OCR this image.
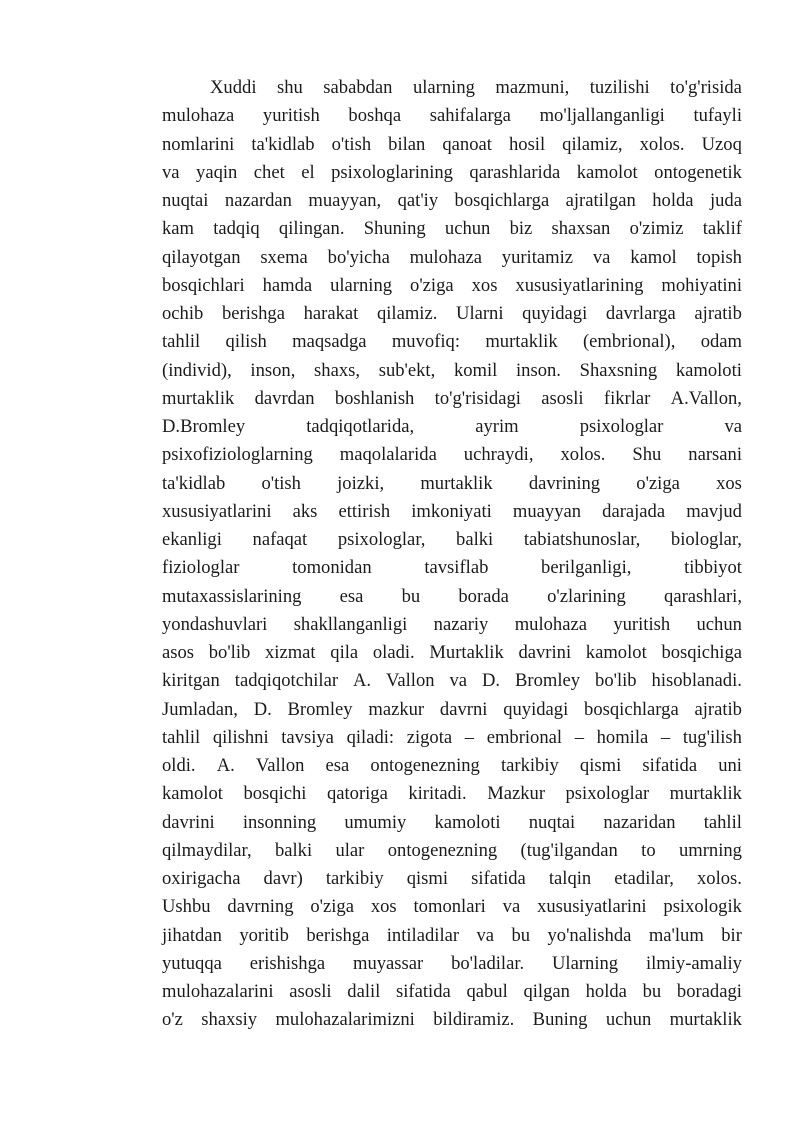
Xuddi shu sababdan ularning mazmuni, tuzilishi to'g'risida
mulohaza yuritish boshqa sahifalarga mo'ljallanganligi tufayli
nomlarini ta'kidlab o'tish bilan qanoat hosil qilamiz, xolos. Uzoq
va yaqin chet el psixologlarining qarashlarida kamolot ontogenetik
nuqtai nazardan muayyan, qat'iy bosqichlarga ajratilgan holda juda
kam tadqiq qilingan. Shuning uchun biz shaxsan o'zimiz taklif
qilayotgan sxema bo'yicha mulohaza yuritamiz va kamol topish
bosqichlari hamda ularning o'ziga xos xususiyatlarining mohiyatini
ochib berishga harakat qilamiz. Ularni quyidagi davrlarga ajratib
tahlil qilish maqsadga muvofiq: murtaklik (embrional), odam
(individ), inson, shaxs, sub'ekt, komil inson. Shaxsning kamoloti
murtaklik davrdan boshlanish to'g'risidagi asosli fikrlar A.Vallon,
D.Bromley	tadqiqotlarida,	ayrim	psixologlar	va
psixofiziologlarning maqolalarida uchraydi, xolos. Shu narsani
ta'kidlab o'tish joizki, murtaklik davrining o'ziga xos
xususiyatlarini aks ettirish imkoniyati muayyan darajada mavjud
ekanligi nafaqat psixologlar, balki tabiatshunoslar, biologlar,
fiziologlar	tomonidan	tavsiflab	berilganligi,	tibbiyot
mutaxassislarining esa bu borada o'zlarining qarashlari,
yondashuvlari shakllanganligi nazariy mulohaza yuritish uchun
asos bo'lib xizmat qila oladi. Murtaklik davrini kamolot bosqichiga
kiritgan tadqiqotchilar A. Vallon va D. Bromley bo'lib hisoblanadi.
Jumladan, D. Bromley mazkur davrni quyidagi bosqichlarga ajratib
tahlil qilishni tavsiya qiladi: zigota – embrional – homila – tug'ilish
oldi. A. Vallon esa ontogenezning tarkibiy qismi sifatida uni
kamolot bosqichi qatoriga kiritadi. Mazkur psixologlar murtaklik
davrini insonning umumiy kamoloti nuqtai nazaridan tahlil
qilmaydilar, balki ular ontogenezning (tug'ilgandan to umrning
oxirigacha davr) tarkibiy qismi sifatida talqin etadilar, xolos.
Ushbu davrning o'ziga xos tomonlari va xususiyatlarini psixologik
jihatdan yoritib berishga intiladilar va bu yo'nalishda ma'lum bir
yutuqqa erishishga muyassar bo'ladilar. Ularning ilmiy-amaliy
mulohazalarini asosli dalil sifatida qabul qilgan holda bu boradagi
o'z shaxsiy mulohazalarimizni bildiramiz. Buning uchun murtaklik
